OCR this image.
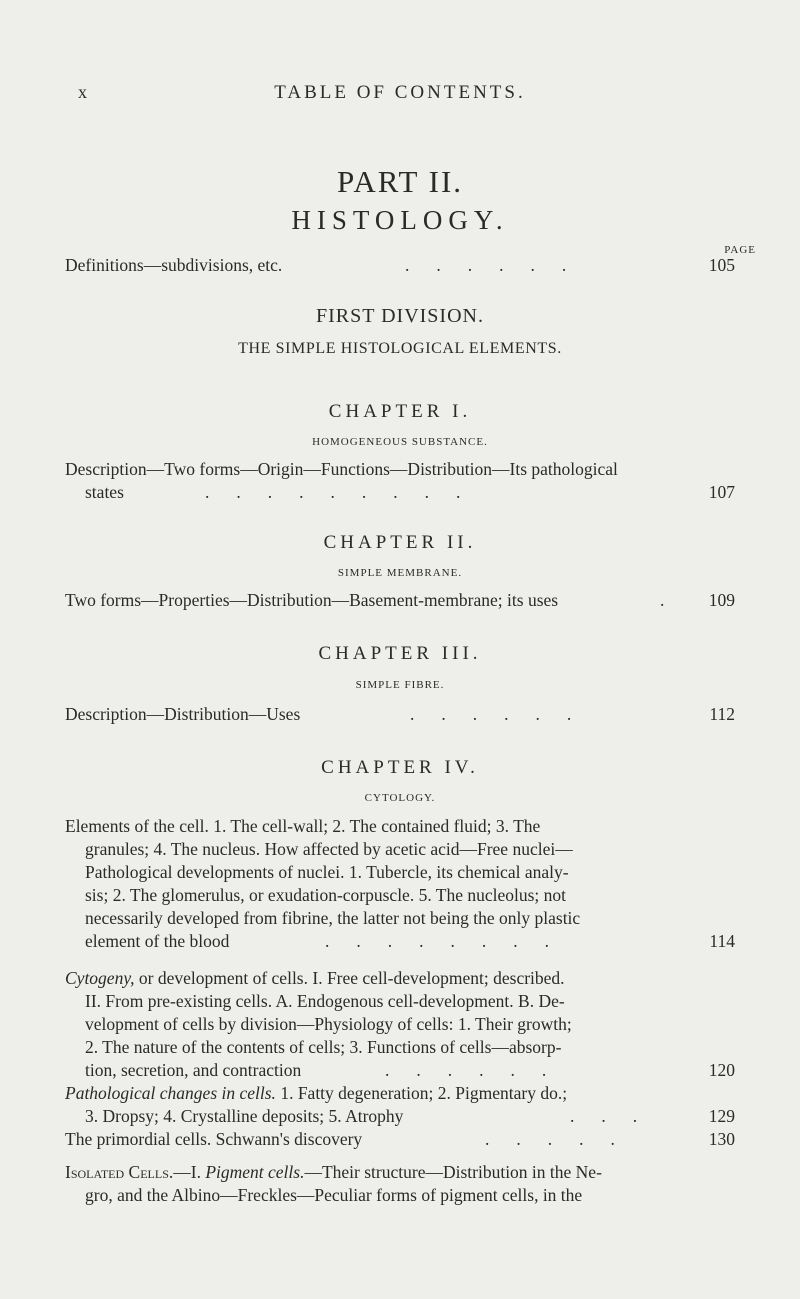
x	TABLE OF CONTENTS.
PART II.
HISTOLOGY.
PAGE
Definitions—subdivisions, etc.	......	105
FIRST DIVISION.
THE SIMPLE HISTOLOGICAL ELEMENTS.
CHAPTER I.
HOMOGENEOUS SUBSTANCE.
Description—Two forms—Origin—Functions—Distribution—Its pathological
states	.........	107
CHAPTER II.
SIMPLE MEMBRANE.
Two forms—Properties—Distribution—Basement-membrane; its uses	.	109
CHAPTER III.
SIMPLE FIBRE.
Description—Distribution—Uses	......	112
CHAPTER IV.
CYTOLOGY.
Elements of the cell. 1. The cell-wall; 2. The contained fluid; 3. The
granules; 4. The nucleus. How affected by acetic acid—Free nuclei—
Pathological developments of nuclei. 1. Tubercle, its chemical analy-
sis; 2. The glomerulus, or exudation-corpuscle. 5. The nucleolus; not
necessarily developed from fibrine, the latter not being the only plastic
element of the blood	........	114
Cytogeny, or development of cells. I. Free cell-development; described.
II. From pre-existing cells. A. Endogenous cell-development. B. De-
velopment of cells by division—Physiology of cells: 1. Their growth;
2. The nature of the contents of cells; 3. Functions of cells—absorp-
tion, secretion, and contraction	......	120
Pathological changes in cells. 1. Fatty degeneration; 2. Pigmentary do.;
3. Dropsy; 4. Crystalline deposits; 5. Atrophy	...	129
The primordial cells. Schwann's discovery	.....	130
Isolated Cells.—I. Pigment cells.—Their structure—Distribution in the Ne-
gro, and the Albino—Freckles—Peculiar forms of pigment cells, in the
